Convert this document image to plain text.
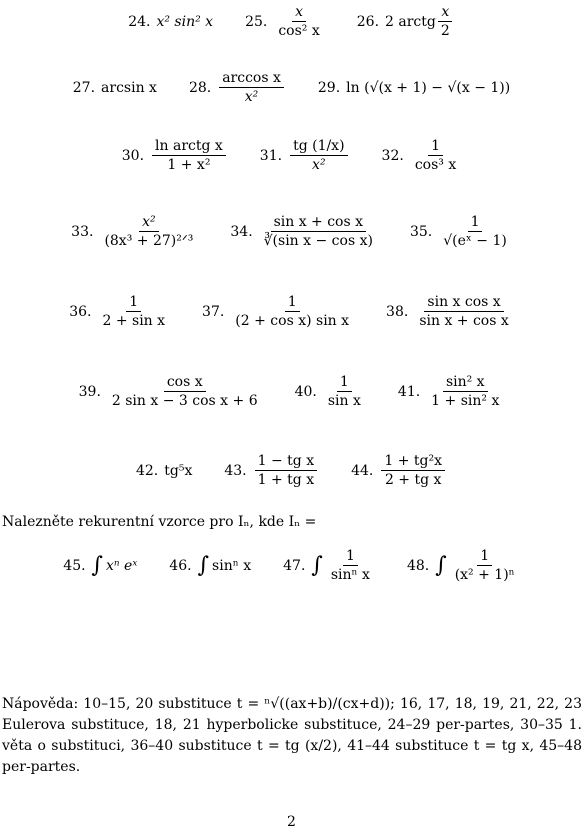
24. x² sin² x 25. $\frac{x}{\text{cos² x}} 26$. 2 arctg $\frac{x}{2}$
27. arcsin x 28. $\frac{\text{arccos x}}{\text{x²}} 29$. ln (√(x + 1) − √(x − 1))
30. $\frac{\text{ln arctg x}}{\text{1 + x²}} 31$. $\frac{tg (1/x)}{\text{x²}} 32$. $\frac{1}{\text{cos³ x}}$
33. $\frac{\text{x²}}{\text{(8x³ + 27)²ᐟ³}} 34$. $\frac{\text{sin x + cos x}}{\text{∛(sin x − cos x)}} 35$. $\frac{1}{\text{√(eˣ − 1)}}$
36. $\frac{1}{\text{2 + sin x}} 37$. $\frac{1}{\text{(2 + cos x) sin x}} 38$. $\frac{\text{sin x cos x}}{\text{sin x + cos x}}$
39. $\frac{\text{cos x}}{\text{2 sin x − 3 cos x + 6}} 40$. $\frac{1}{\text{sin x}} 41$. $\frac{\text{sin² x}}{\text{1 + sin² x}}$
42. tg⁵x 43. $\frac{\text{1 − tg x}}{\text{1 + tg x}} 44$. $\frac{\text{1 + tg²x}}{\text{2 + tg x}}$
Nalezněte rekurentní vzorce pro Iₙ, kde Iₙ =
45. ∫ xⁿ eˣ 46. ∫ sinⁿ x 47. ∫ $\frac{1}{\text{sinⁿ x}} 48$. ∫ $\frac{1}{\text{(x² + 1)ⁿ}}$
Nápověda: 10–15, 20 substituce t = ⁿ√((ax+b)/(cx+d)); 16, 17, 18, 19, 21, 22, 23 Eulerova substituce, 18, 21 hyperbolicke substituce, 24–29 per-partes, 30–35 1. věta o substituci, 36–40 substituce t = tg (x/2), 41–44 substituce t = tg x, 45–48 per-partes.
2
